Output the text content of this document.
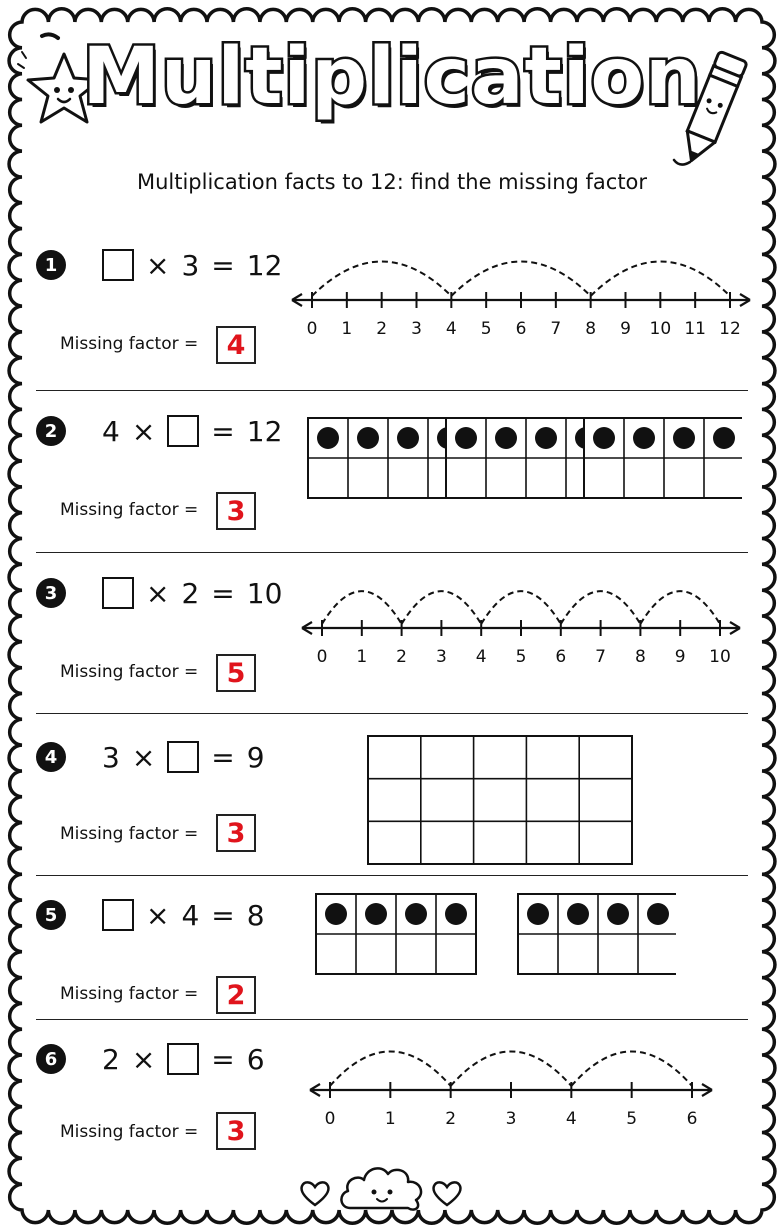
Multiplication
Multiplication facts to 12: find the missing factor
1	× 3 = 12
Missing factor =	4
0 1 2 3 4 5 6 7 8 9 10 11 12
2	4 × = 12
Missing factor =	3
3	× 2 = 10
Missing factor =	5
0 1 2 3 4 5 6 7 8 9 10
4	3 × = 9
Missing factor =	3
5	× 4 = 8
Missing factor =	2
6	2 × = 6
Missing factor =	3	0	1	2	3	4	5	6
